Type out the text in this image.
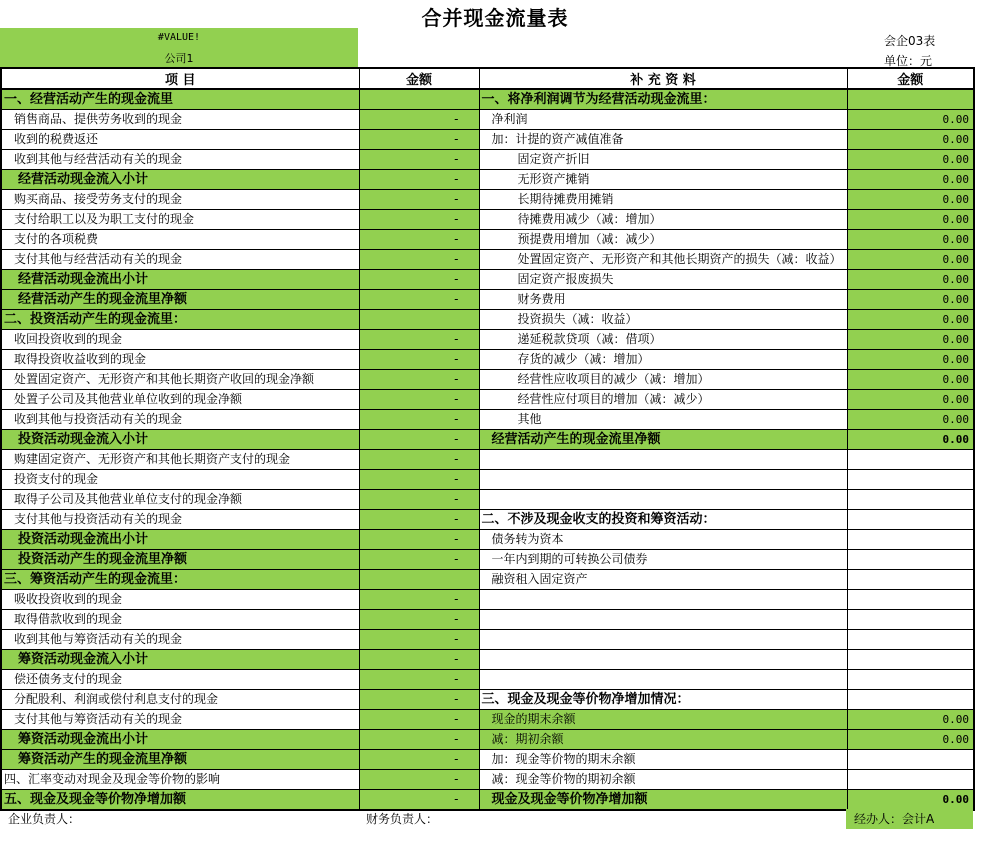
合并现金流量表
#VALUE!
公司1
会企03表
单位：元
项 目	金额	补 充 资 料	金额
一、经营活动产生的现金流里		一、将净利润调节为经营活动现金流里：	
销售商品、提供劳务收到的现金	-	净利润	0.00
收到的税费返还	-	加：计提的资产减值准备	0.00
收到其他与经营活动有关的现金	-	固定资产折旧	0.00
经营活动现金流入小计	-	无形资产摊销	0.00
购买商品、接受劳务支付的现金	-	长期待摊费用摊销	0.00
支付给职工以及为职工支付的现金	-	待摊费用减少（减：增加）	0.00
支付的各项税费	-	预提费用增加（减：减少）	0.00
支付其他与经营活动有关的现金	-	处置固定资产、无形资产和其他长期资产的损失（减：收益）	0.00
经营活动现金流出小计	-	固定资产报废损失	0.00
经营活动产生的现金流里净额	-	财务费用	0.00
二、投资活动产生的现金流里：		投资损失（减：收益）	0.00
收回投资收到的现金	-	递延税款贷项（减：借项）	0.00
取得投资收益收到的现金	-	存货的减少（减：增加）	0.00
处置固定资产、无形资产和其他长期资产收回的现金净额	-	经营性应收项目的减少（减：增加）	0.00
处置子公司及其他营业单位收到的现金净额	-	经营性应付项目的增加（减：减少）	0.00
收到其他与投资活动有关的现金	-	其他	0.00
投资活动现金流入小计	-	经营活动产生的现金流里净额	0.00
购建固定资产、无形资产和其他长期资产支付的现金	-		
投资支付的现金	-		
取得子公司及其他营业单位支付的现金净额	-		
支付其他与投资活动有关的现金	-	二、不涉及现金收支的投资和筹资活动：	
投资活动现金流出小计	-	债务转为资本	
投资活动产生的现金流里净额	-	一年内到期的可转换公司债券	
三、筹资活动产生的现金流里：		融资租入固定资产	
吸收投资收到的现金	-		
取得借款收到的现金	-		
收到其他与筹资活动有关的现金	-		
筹资活动现金流入小计	-		
偿还债务支付的现金	-		
分配股利、利润或偿付利息支付的现金	-	三、现金及现金等价物净增加情况：	
支付其他与筹资活动有关的现金	-	现金的期末余额	0.00
筹资活动现金流出小计	-	减：期初余额	0.00
筹资活动产生的现金流里净额	-	加：现金等价物的期末余额	
四、汇率变动对现金及现金等价物的影响	-	减：现金等价物的期初余额	
五、现金及现金等价物净增加额	-	现金及现金等价物净增加额	0.00
企业负责人：	财务负责人：	经办人：会计A
